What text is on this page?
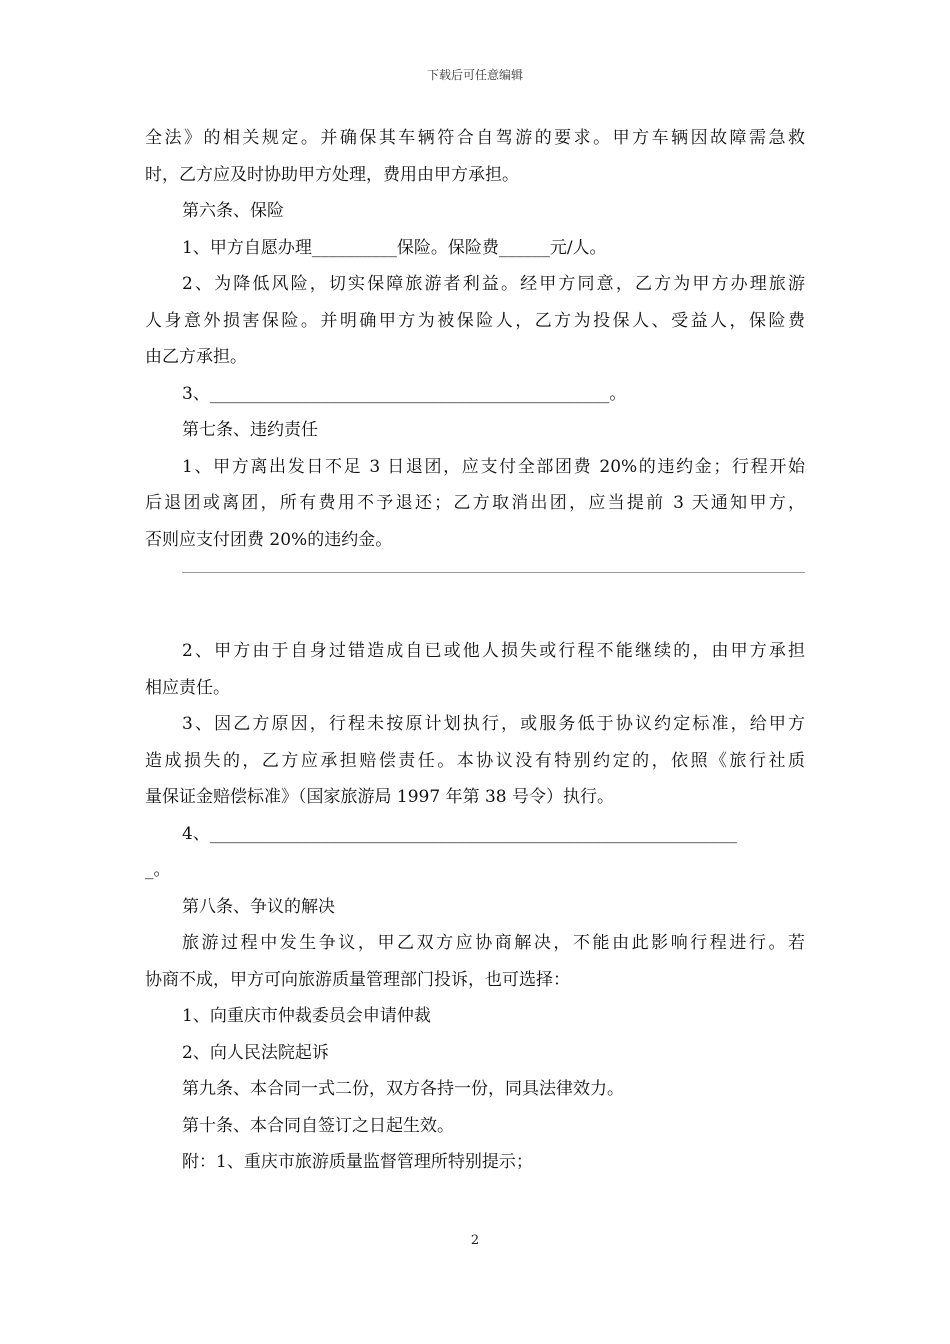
下载后可任意编辑
全法》的相关规定。并确保其车辆符合自驾游的要求。甲方车辆因故障需急救
时，乙方应及时协助甲方处理，费用由甲方承担。
第六条、保险
1、甲方自愿办理__________保险。保险费______元/人。
2、为降低风险，切实保障旅游者利益。经甲方同意，乙方为甲方办理旅游
人身意外损害保险。并明确甲方为被保险人，乙方为投保人、受益人，保险费
由乙方承担。
3、_______________________________________________。
第七条、违约责任
1、甲方离出发日不足 3 日退团，应支付全部团费 20%的违约金；行程开始
后退团或离团，所有费用不予退还；乙方取消出团，应当提前 3 天通知甲方，
否则应支付团费 20%的违约金。
2、甲方由于自身过错造成自已或他人损失或行程不能继续的，由甲方承担
相应责任。
3、因乙方原因，行程未按原计划执行，或服务低于协议约定标准，给甲方
造成损失的，乙方应承担赔偿责任。本协议没有特别约定的，依照《旅行社质
量保证金赔偿标准》（国家旅游局 1997 年第 38 号令）执行。
4、______________________________________________________________
_。
第八条、争议的解决
旅游过程中发生争议，甲乙双方应协商解决，不能由此影响行程进行。若
协商不成，甲方可向旅游质量管理部门投诉，也可选择：
1、向重庆市仲裁委员会申请仲裁
2、向人民法院起诉
第九条、本合同一式二份，双方各持一份，同具法律效力。
第十条、本合同自签订之日起生效。
附：1、重庆市旅游质量监督管理所特别提示；
2
